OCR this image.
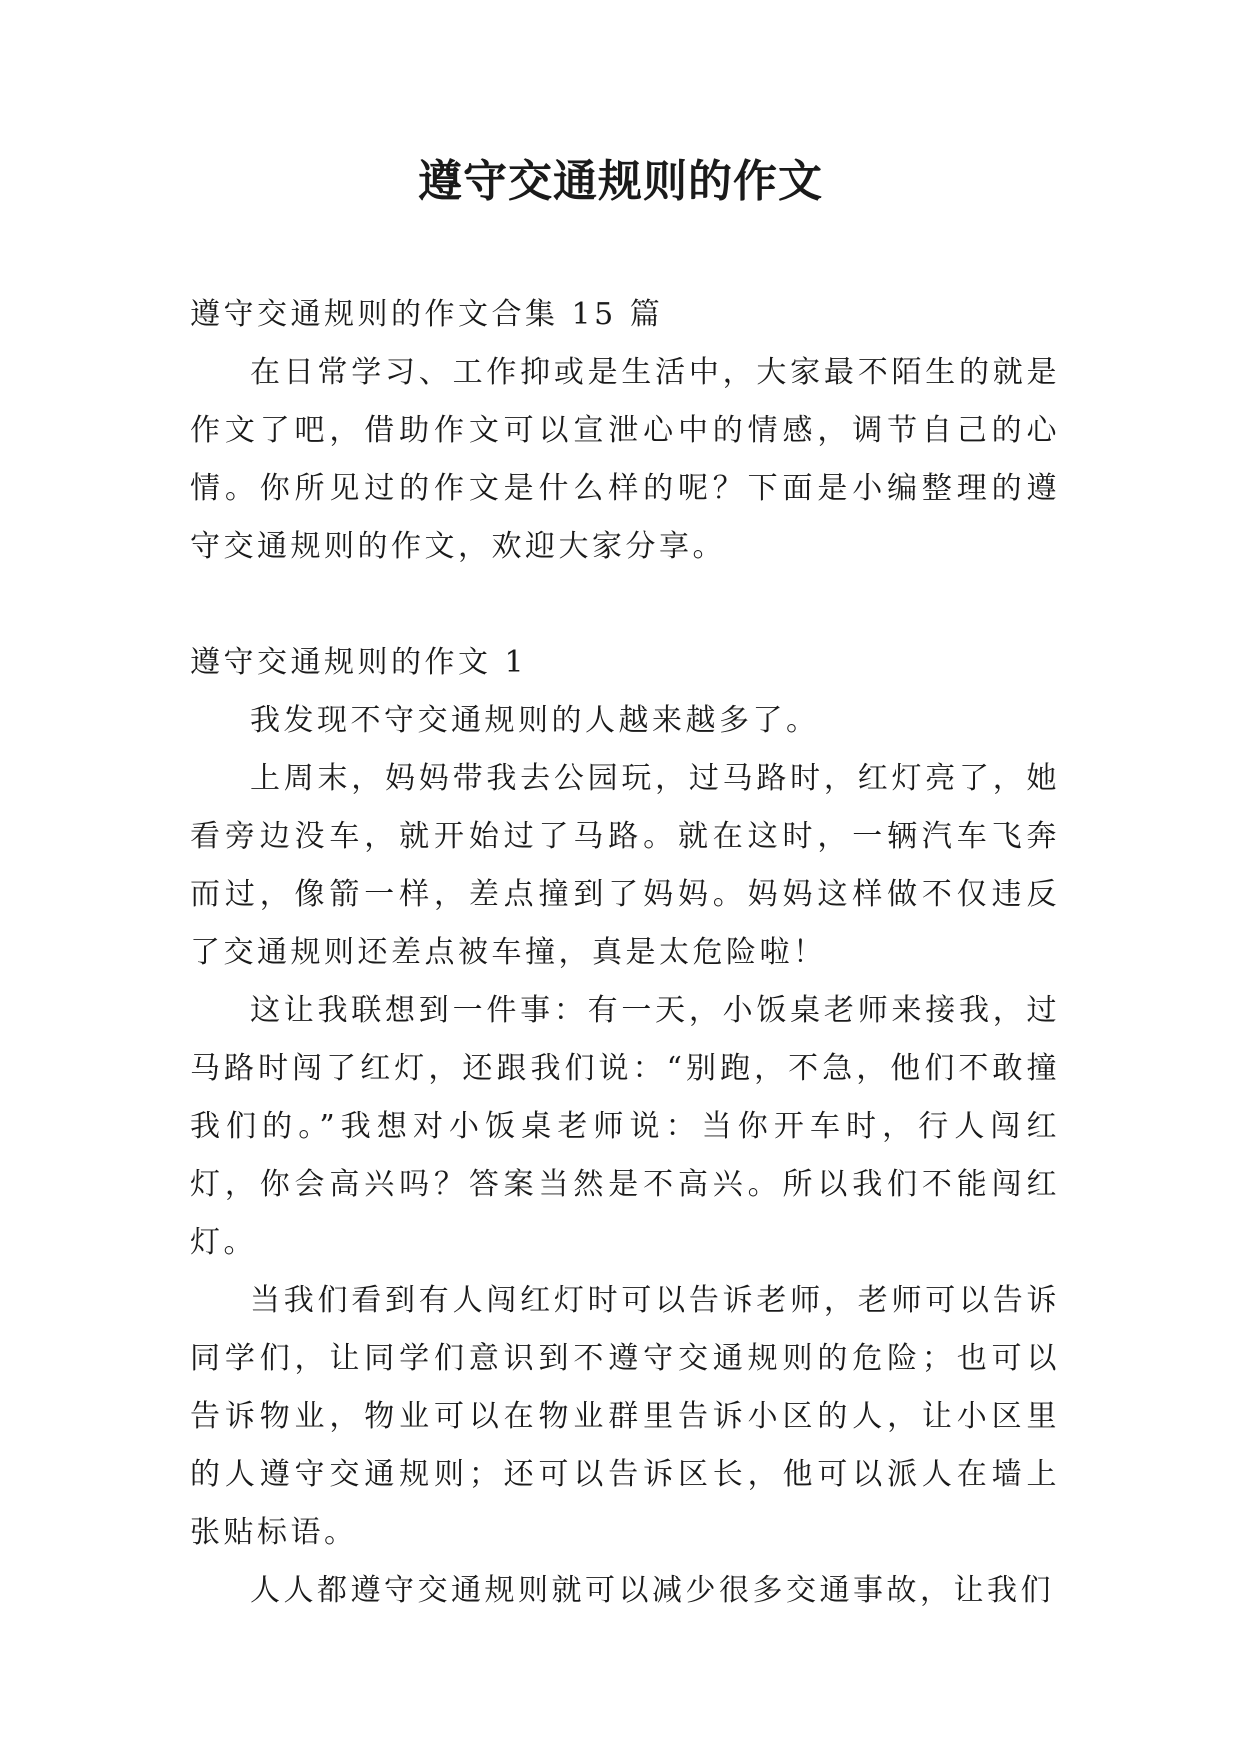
遵守交通规则的作文

遵守交通规则的作文合集 15 篇

在日常学习、工作抑或是生活中，大家最不陌生的就是作文了吧，借助作文可以宣泄心中的情感，调节自己的心情。你所见过的作文是什么样的呢？下面是小编整理的遵守交通规则的作文，欢迎大家分享。

遵守交通规则的作文 1

我发现不守交通规则的人越来越多了。

上周末，妈妈带我去公园玩，过马路时，红灯亮了，她看旁边没车，就开始过了马路。就在这时，一辆汽车飞奔而过，像箭一样，差点撞到了妈妈。妈妈这样做不仅违反了交通规则还差点被车撞，真是太危险啦！

这让我联想到一件事：有一天，小饭桌老师来接我，过马路时闯了红灯，还跟我们说：“别跑，不急，他们不敢撞我们的。”我想对小饭桌老师说：当你开车时，行人闯红灯，你会高兴吗？答案当然是不高兴。所以我们不能闯红灯。

当我们看到有人闯红灯时可以告诉老师，老师可以告诉同学们，让同学们意识到不遵守交通规则的危险；也可以告诉物业，物业可以在物业群里告诉小区的人，让小区里的人遵守交通规则；还可以告诉区长，他可以派人在墙上张贴标语。

人人都遵守交通规则就可以减少很多交通事故，让我们
